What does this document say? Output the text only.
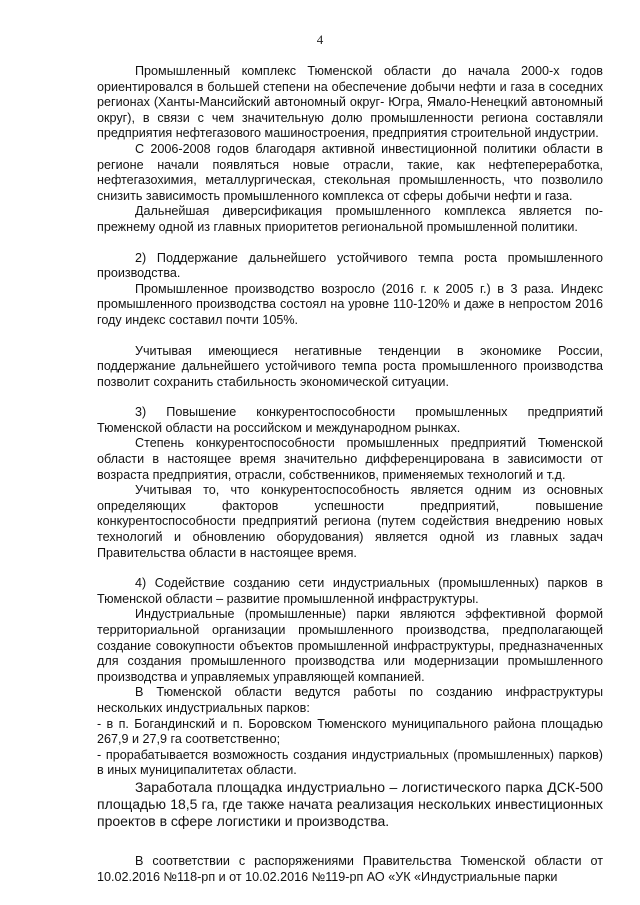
4

Промышленный комплекс Тюменской области до начала 2000-х годов ориентировался в большей степени на обеспечение добычи нефти и газа в соседних регионах (Ханты-Мансийский автономный округ- Югра, Ямало-Ненецкий автономный округ), в связи с чем значительную долю промышленности региона составляли предприятия нефтегазового машиностроения, предприятия строительной индустрии.

С 2006-2008 годов благодаря активной инвестиционной политики области в регионе начали появляться новые отрасли, такие, как нефтепереработка, нефтегазохимия, металлургическая, стекольная промышленность, что позволило снизить зависимость промышленного комплекса от сферы добычи нефти и газа.

Дальнейшая диверсификация промышленного комплекса является по-прежнему одной из главных приоритетов региональной промышленной политики.

2) Поддержание дальнейшего устойчивого темпа роста промышленного производства.

Промышленное производство возросло (2016 г. к 2005 г.) в 3 раза. Индекс промышленного производства состоял на уровне 110-120% и даже в непростом 2016 году индекс составил почти 105%.

Учитывая имеющиеся негативные тенденции в экономике России, поддержание дальнейшего устойчивого темпа роста промышленного производства позволит сохранить стабильность экономической ситуации.

3) Повышение конкурентоспособности промышленных предприятий Тюменской области на российском и международном рынках.

Степень конкурентоспособности промышленных предприятий Тюменской области в настоящее время значительно дифференцирована в зависимости от возраста предприятия, отрасли, собственников, применяемых технологий и т.д.

Учитывая то, что конкурентоспособность является одним из основных определяющих факторов успешности предприятий, повышение конкурентоспособности предприятий региона (путем содействия внедрению новых технологий и обновлению оборудования) является одной из главных задач Правительства области в настоящее время.

4) Содействие созданию сети индустриальных (промышленных) парков в Тюменской области – развитие промышленной инфраструктуры.

Индустриальные (промышленные) парки являются эффективной формой территориальной организации промышленного производства, предполагающей создание совокупности объектов промышленной инфраструктуры, предназначенных для создания промышленного производства или модернизации промышленного производства и управляемых управляющей компанией.

В Тюменской области ведутся работы по созданию инфраструктуры нескольких индустриальных парков:

- в п. Богандинский и п. Боровском Тюменского муниципального района площадью 267,9 и 27,9 га соответственно;

- прорабатывается возможность создания индустриальных (промышленных) парков) в иных муниципалитетах области.

Заработала площадка индустриально – логистического парка ДСК-500 площадью 18,5 га, где также начата реализация нескольких инвестиционных проектов в сфере логистики и производства.

В соответствии с распоряжениями Правительства Тюменской области от 10.02.2016 №118-рп и от 10.02.2016 №119-рп АО «УК «Индустриальные парки
